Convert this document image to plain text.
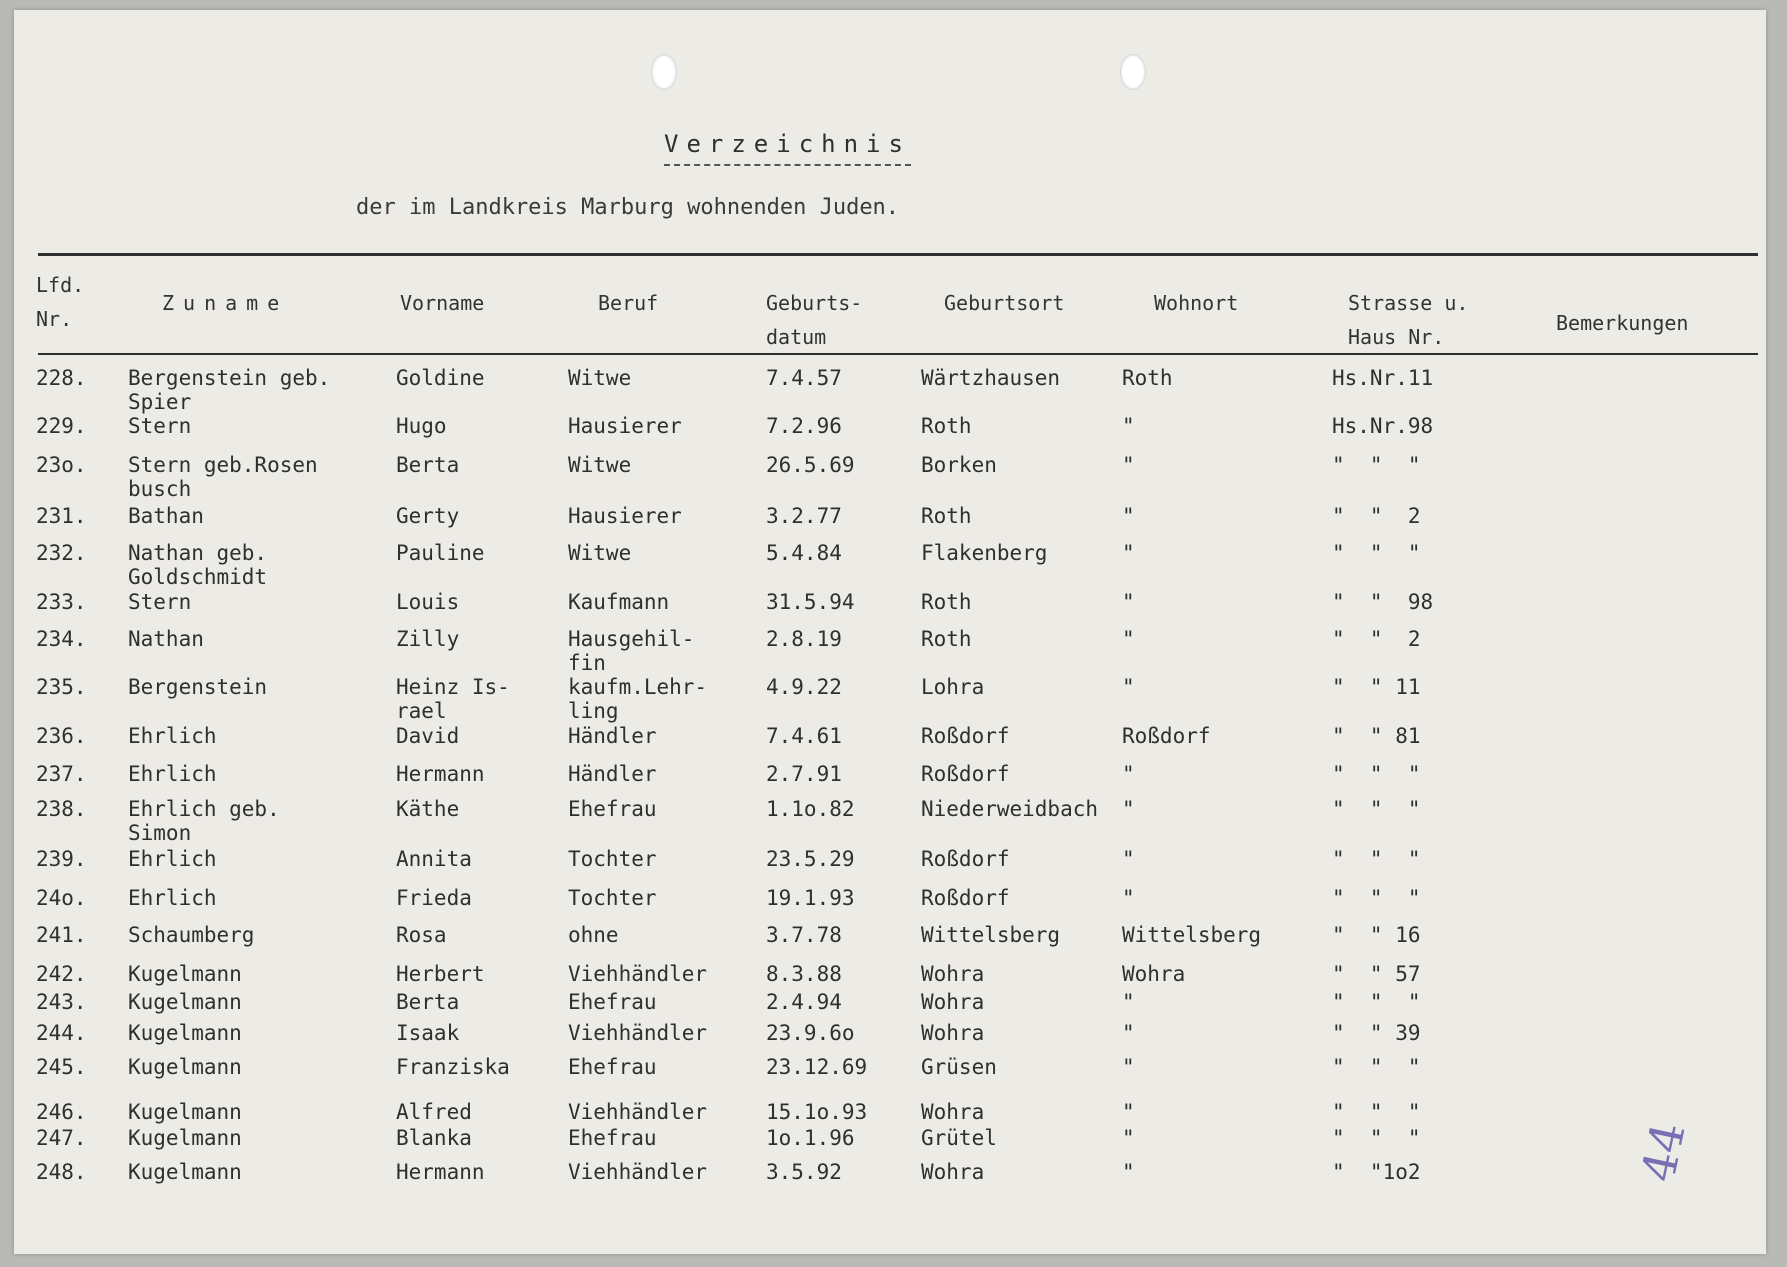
Verzeichnis
der im Landkreis Marburg wohnenden Juden.
Lfd.
Nr.
Zuname	Vorname	Beruf	Geburts-
datum
Geburtsort	Wohnort	Strasse u.
Haus Nr.
Bemerkungen
228. Bergenstein geb.
Spier
Goldine	Witwe	7.4.57	Wärtzhausen	Roth	Hs.Nr.11
229. Stern	Hugo	Hausierer	7.2.96	Roth	"	Hs.Nr.98
23o. Stern geb.Rosen
busch
Berta	Witwe	26.5.69	Borken	"	"  "  "
231. Bathan	Gerty	Hausierer	3.2.77	Roth	"	"  "  2
232. Nathan geb.
Goldschmidt
Pauline	Witwe	5.4.84	Flakenberg	"	"  "  "
233. Stern	Louis	Kaufmann	31.5.94	Roth	"	"  "  98
234. Nathan	Zilly	Hausgehil-
fin
2.8.19	Roth	"	"  "  2
235. Bergenstein	Heinz Is-
rael
kaufm.Lehr-
ling
4.9.22	Lohra	"	"  " 11
236. Ehrlich	David	Händler	7.4.61	Roßdorf	Roßdorf	"  " 81
237. Ehrlich	Hermann	Händler	2.7.91	Roßdorf	"	"  "  "
238. Ehrlich geb.
Simon
Käthe	Ehefrau	1.1o.82	Niederweidbach "	"  "  "
239. Ehrlich	Annita	Tochter	23.5.29	Roßdorf	"	"  "  "
24o. Ehrlich	Frieda	Tochter	19.1.93	Roßdorf	"	"  "  "
241. Schaumberg	Rosa	ohne	3.7.78	Wittelsberg	Wittelsberg	"  " 16
242. Kugelmann	Herbert	Viehhändler	8.3.88	Wohra	Wohra	"  " 57
243. Kugelmann	Berta	Ehefrau	2.4.94	Wohra	"	"  "  "
244. Kugelmann	Isaak	Viehhändler	23.9.6o	Wohra	"	"  " 39
245. Kugelmann	Franziska	Ehefrau	23.12.69	Grüsen	"	"  "  "
246. Kugelmann	Alfred	Viehhändler	15.1o.93	Wohra	"	"  "  "
247. Kugelmann	Blanka	Ehefrau	1o.1.96	Grütel	"	"  "  "
248. Kugelmann	Hermann	Viehhändler	3.5.92	Wohra	"	"  "1o2	44
